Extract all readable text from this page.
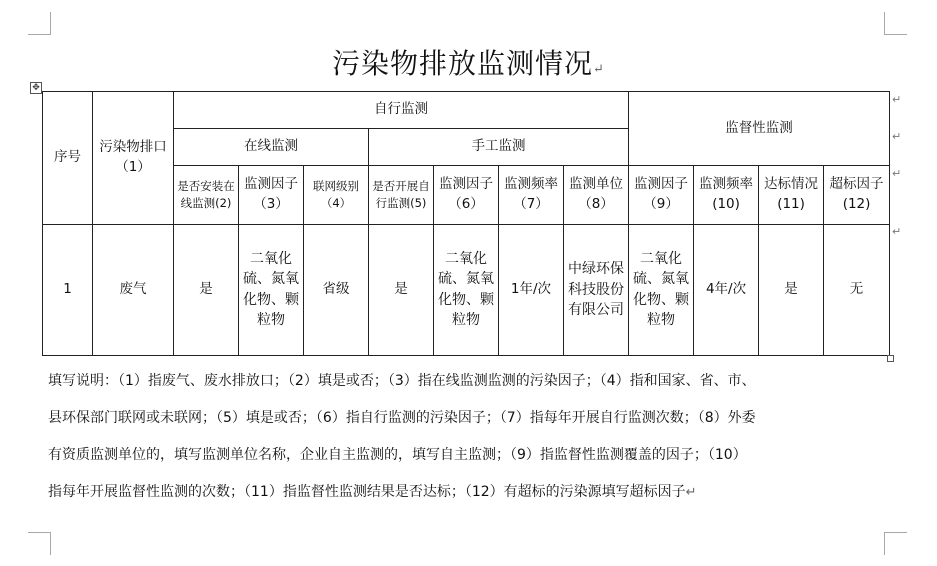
污染物排放监测情况↵
✥
序号	污染物排口（1）	自行监测							监督性监测			
		在线监测			手工监测							
		是否安装在线监测(2)	监测因子（3）	联网级别（4）	是否开展自行监测(5)	监测因子（6）	监测频率（7）	监测单位（8）	监测因子（9）	监测频率(10)	达标情况(11)	超标因子(12)
1	废气	是	二氧化硫、氮氧化物、颗粒物	省级	是	二氧化硫、氮氧化物、颗粒物	1年/次	中绿环保科技股份有限公司	二氧化硫、氮氧化物、颗粒物	4年/次	是	无
↵
↵
↵
↵

填写说明：（1）指废气、废水排放口；（2）填是或否；（3）指在线监测监测的污染因子；（4）指和国家、省、市、

县环保部门联网或未联网；（5）填是或否；（6）指自行监测的污染因子；（7）指每年开展自行监测次数；（8）外委

有资质监测单位的，填写监测单位名称，企业自主监测的，填写自主监测；（9）指监督性监测覆盖的因子；（10）

指每年开展监督性监测的次数；（11）指监督性监测结果是否达标；（12）有超标的污染源填写超标因子↵
